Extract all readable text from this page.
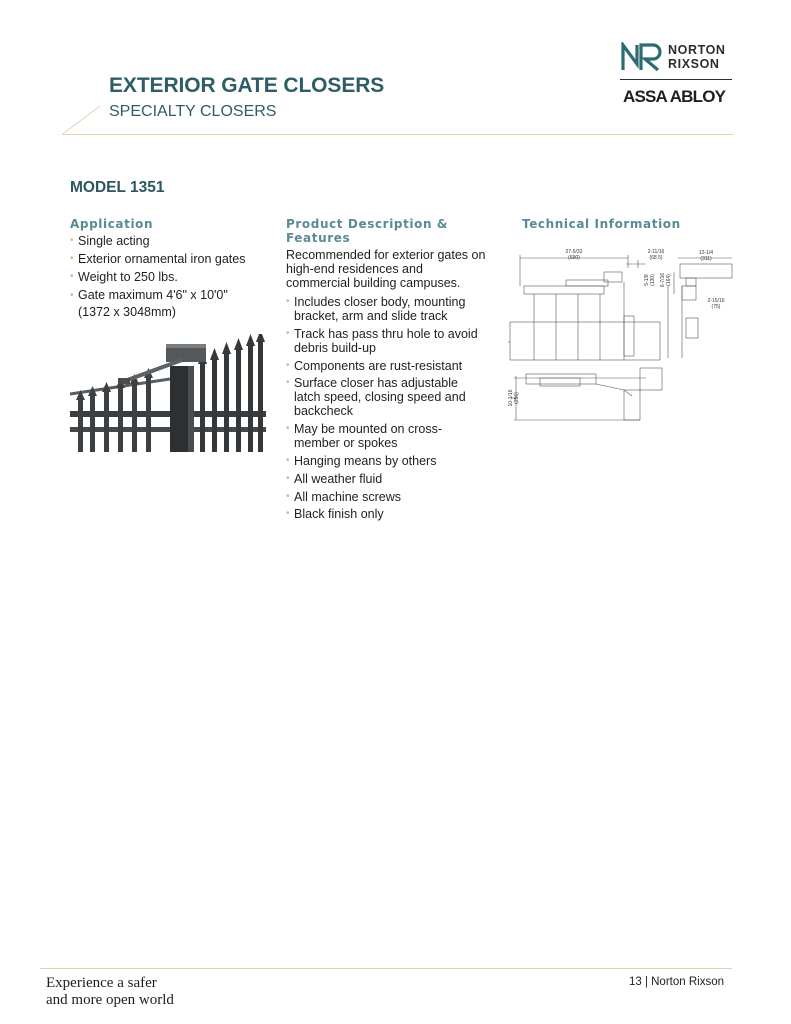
NORTON
RIXSON
ASSA ABLOY
EXTERIOR GATE CLOSERS
SPECIALTY CLOSERS
MODEL 1351
Application
• Single acting
• Exterior ornamental iron gates
• Weight to 250 lbs.
• Gate maximum 4'6" x 10'0" (1372 x 3048mm)
Product Description & Features
Recommended for exterior gates on high-end residences and commercial building campuses.
• Includes closer body, mounting bracket, arm and slide track
• Track has pass thru hole to avoid debris build-up
• Components are rust-resistant
• Surface closer has adjustable latch speed, closing speed and backcheck
• May be mounted on cross-member or spokes
• Hanging means by others
• All weather fluid
• All machine screws
• Black finish only
Technical Information
27-5/32
(690)
2-11/16
(68.5)
12-1/4
(311)
5-1/8 (130) 6-7/16 (164)
2-15/16
(75)
10-1/16 (256)
Experience a safer
and more open world
13 | Norton Rixson
